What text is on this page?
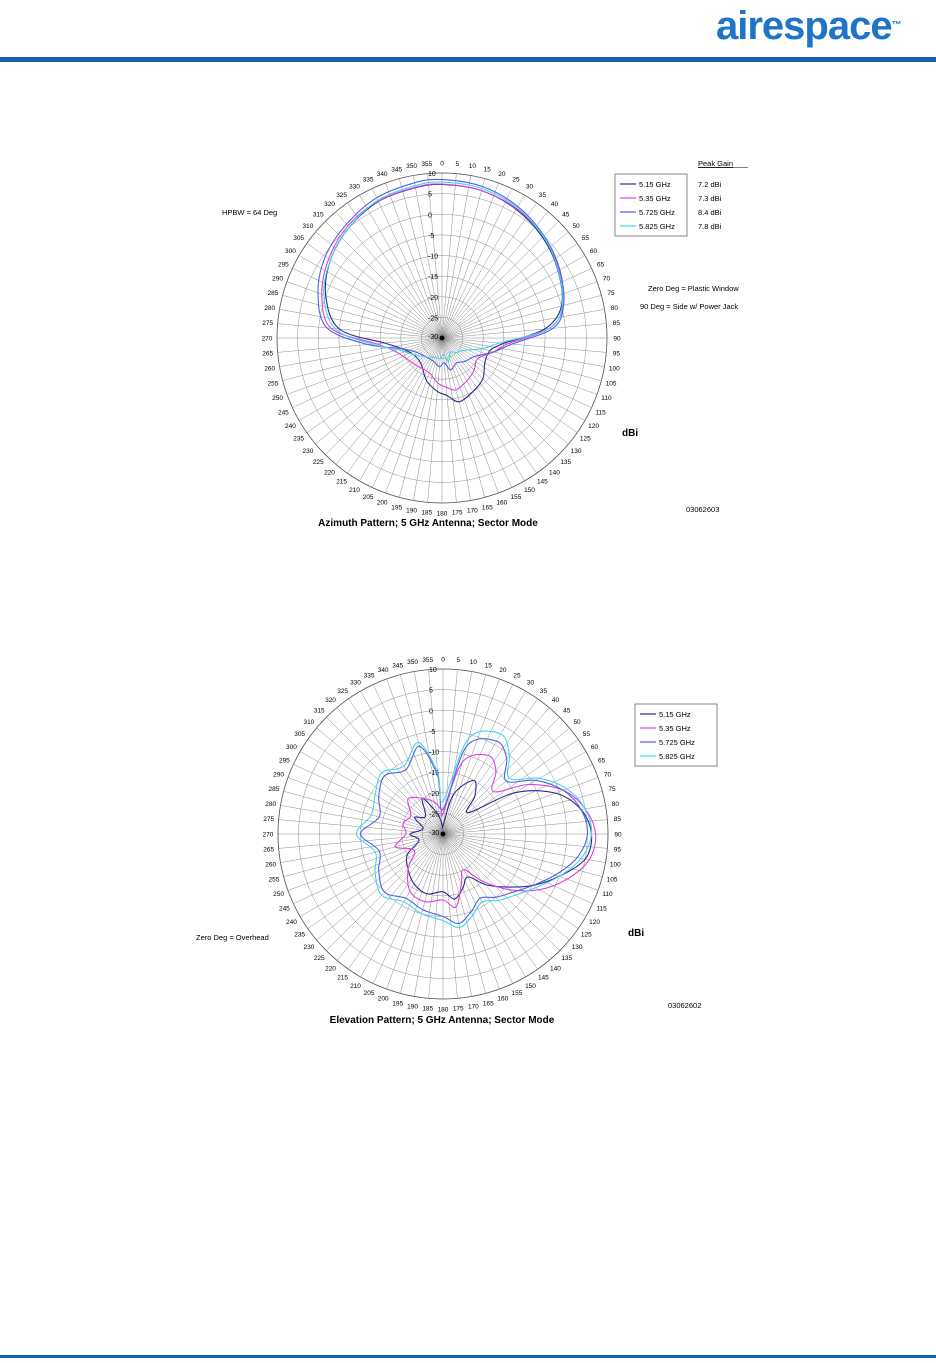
airespace™
0 5 10 15
20
25
30
35
40
45
50
55
60
65
70
75
80
85
90
95
100
105
110
115
120
125
130
135
140
145
150
155
160
165
170
175
180
185
190
195
200
205
210
215
220
225
230
235
240
245
250
255
260
265
270
275
280
285
290
295
300
305
310
315
320
325
330
335
340
345 350 355
10
5
0
-5
-10
-15
-20
-25
-30
5.15 GHz	7.2 dBi
5.35 GHz	7.3 dBi
5.725 GHz	8.4 dBi
5.825 GHz	7.8 dBi
Peak Gain
HPBW = 64 Deg
Zero Deg = Plastic Window
90 Deg = Side w/ Power Jack
dBi
03062603
Azimuth Pattern; 5 GHz Antenna; Sector Mode
0 5 10 15
20
25
30
35
40
45
50
55
60
65
70
75
80
85
90
95
100
105
110
115
120
125
130
135
140
145
150
155
160
165
170
175
180
185
190
195
200
205
210
215
220
225
230
235
240
245
250
255
260
265
270
275
280
285
290
295
300
305
310
315
320
325
330
335
340
345 350 355
10
5
0
-5
-10
-15
-20
-25
-30
5.15 GHz
5.35 GHz
5.725 GHz
5.825 GHz
Zero Deg = Overhead	dBi
03062602
Elevation Pattern; 5 GHz Antenna; Sector Mode
